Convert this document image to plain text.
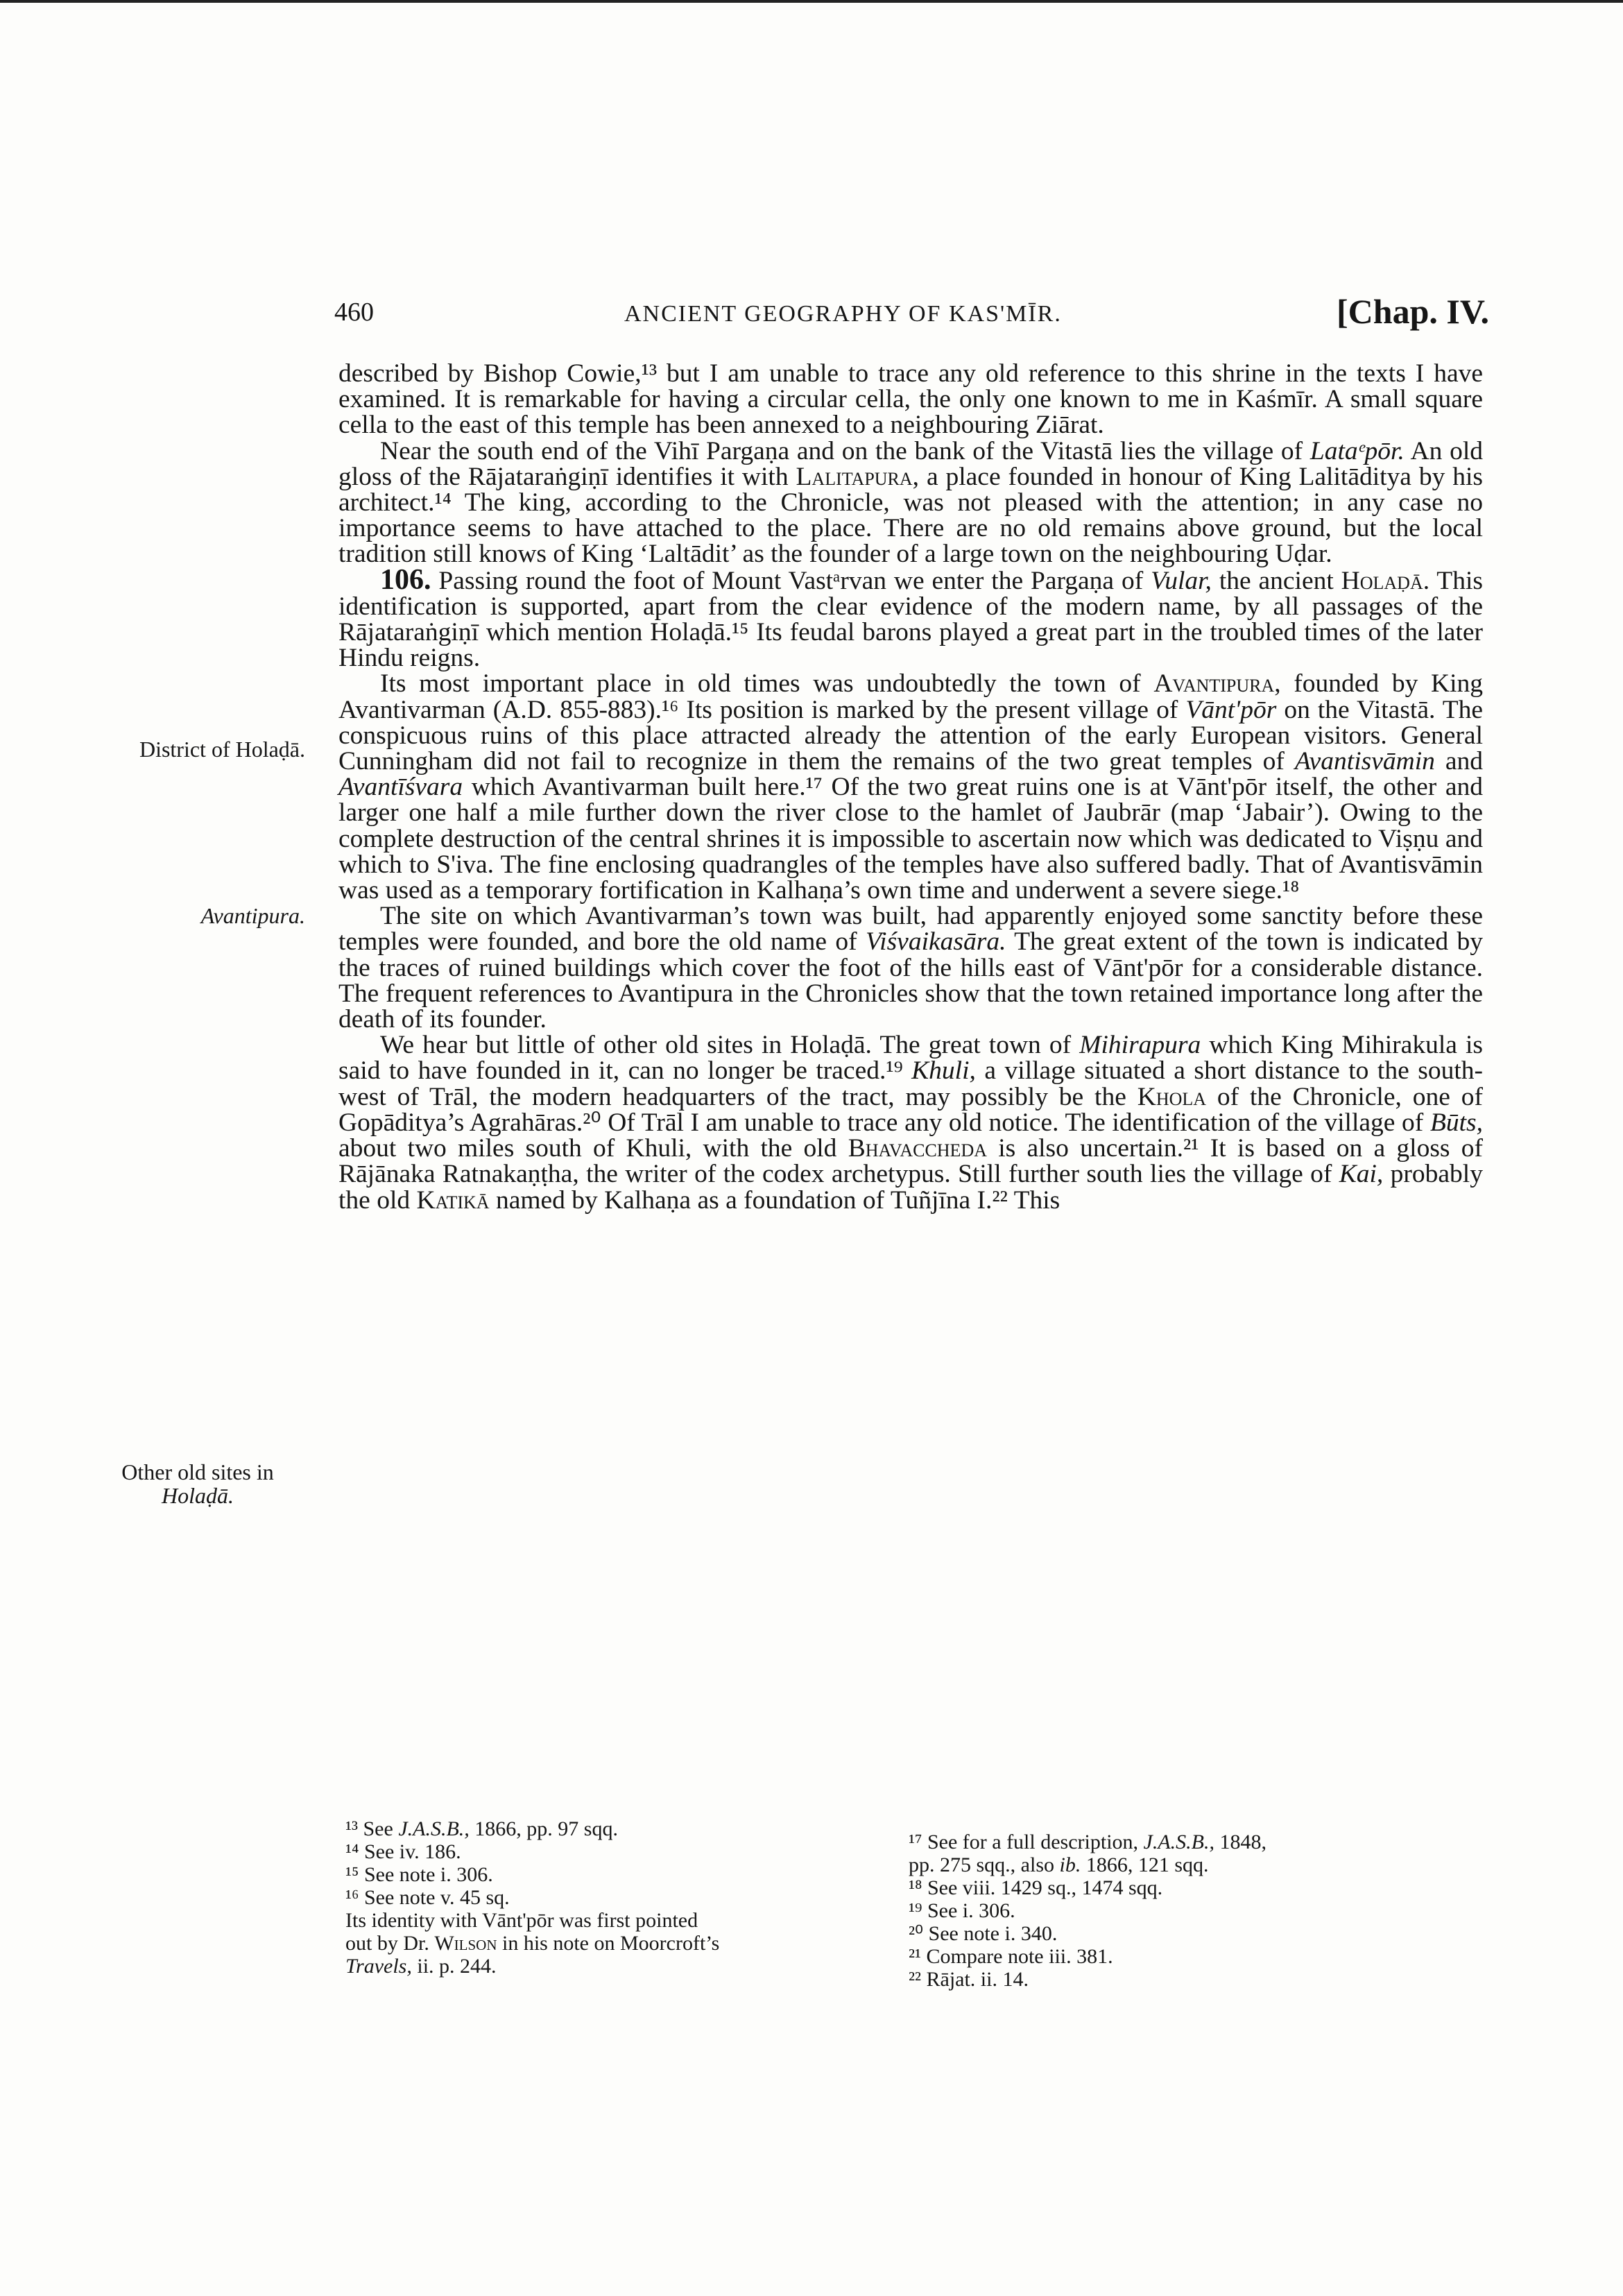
460	ANCIENT GEOGRAPHY OF KAS'MĪR.	[Chap. IV.
District of Holaḍā.
Avantipura.
Other old sites in
Holaḍā.

described by Bishop Cowie,¹³ but I am unable to trace any old reference to this shrine in the texts I have examined. It is remarkable for having a circular cella, the only one known to me in Kaśmīr. A small square cella to the east of this temple has been annexed to a neighbouring Ziārat.

Near the south end of the Vihī Pargaṇa and on the bank of the Vitastā lies the village of Lataᵉpōr. An old gloss of the Rājataraṅgiṇī identifies it with Lalitapura, a place founded in honour of King Lalitāditya by his architect.¹⁴ The king, according to the Chronicle, was not pleased with the attention; in any case no importance seems to have attached to the place. There are no old remains above ground, but the local tradition still knows of King ‘Laltādit’ as the founder of a large town on the neighbouring Uḍar.

106. Passing round the foot of Mount Vastᵃrvan we enter the Pargaṇa of Vular, the ancient Holaḍā. This identification is supported, apart from the clear evidence of the modern name, by all passages of the Rājataraṅgiṇī which mention Holaḍā.¹⁵ Its feudal barons played a great part in the troubled times of the later Hindu reigns.

Its most important place in old times was undoubtedly the town of Avantipura, founded by King Avantivarman (A.D. 855-883).¹⁶ Its position is marked by the present village of Vānt'pōr on the Vitastā. The conspicuous ruins of this place attracted already the attention of the early European visitors. General Cunningham did not fail to recognize in them the remains of the two great temples of Avantisvāmin and Avantīśvara which Avantivarman built here.¹⁷ Of the two great ruins one is at Vānt'pōr itself, the other and larger one half a mile further down the river close to the hamlet of Jaubrār (map ‘Jabair’). Owing to the complete destruction of the central shrines it is impossible to ascertain now which was dedicated to Viṣṇu and which to S'iva. The fine enclosing quadrangles of the temples have also suffered badly. That of Avantisvāmin was used as a temporary fortification in Kalhaṇa’s own time and underwent a severe siege.¹⁸

The site on which Avantivarman’s town was built, had apparently enjoyed some sanctity before these temples were founded, and bore the old name of Viśvaikasāra. The great extent of the town is indicated by the traces of ruined buildings which cover the foot of the hills east of Vānt'pōr for a considerable distance. The frequent references to Avantipura in the Chronicles show that the town retained importance long after the death of its founder.

We hear but little of other old sites in Holaḍā. The great town of Mihirapura which King Mihirakula is said to have founded in it, can no longer be traced.¹⁹ Khuli, a village situated a short distance to the south-west of Trāl, the modern headquarters of the tract, may possibly be the Khola of the Chronicle, one of Gopāditya’s Agrahāras.²⁰ Of Trāl I am unable to trace any old notice. The identification of the village of Būts, about two miles south of Khuli, with the old Bhavaccheda is also uncertain.²¹ It is based on a gloss of Rājānaka Ratnakaṇṭha, the writer of the codex archetypus. Still further south lies the village of Kai, probably the old Katikā named by Kalhaṇa as a foundation of Tuñjīna I.²² This

¹³ See J.A.S.B., 1866, pp. 97 sqq.
¹⁴ See iv. 186.
¹⁵ See note i. 306.
¹⁶ See note v. 45 sq.
Its identity with Vānt'pōr was first pointed
out by Dr. Wilson in his note on Moorcroft’s
Travels, ii. p. 244.
¹⁷ See for a full description, J.A.S.B., 1848,
pp. 275 sqq., also ib. 1866, 121 sqq.
¹⁸ See viii. 1429 sq., 1474 sqq.
¹⁹ See i. 306.
²⁰ See note i. 340.
²¹ Compare note iii. 381.
²² Rājat. ii. 14.
